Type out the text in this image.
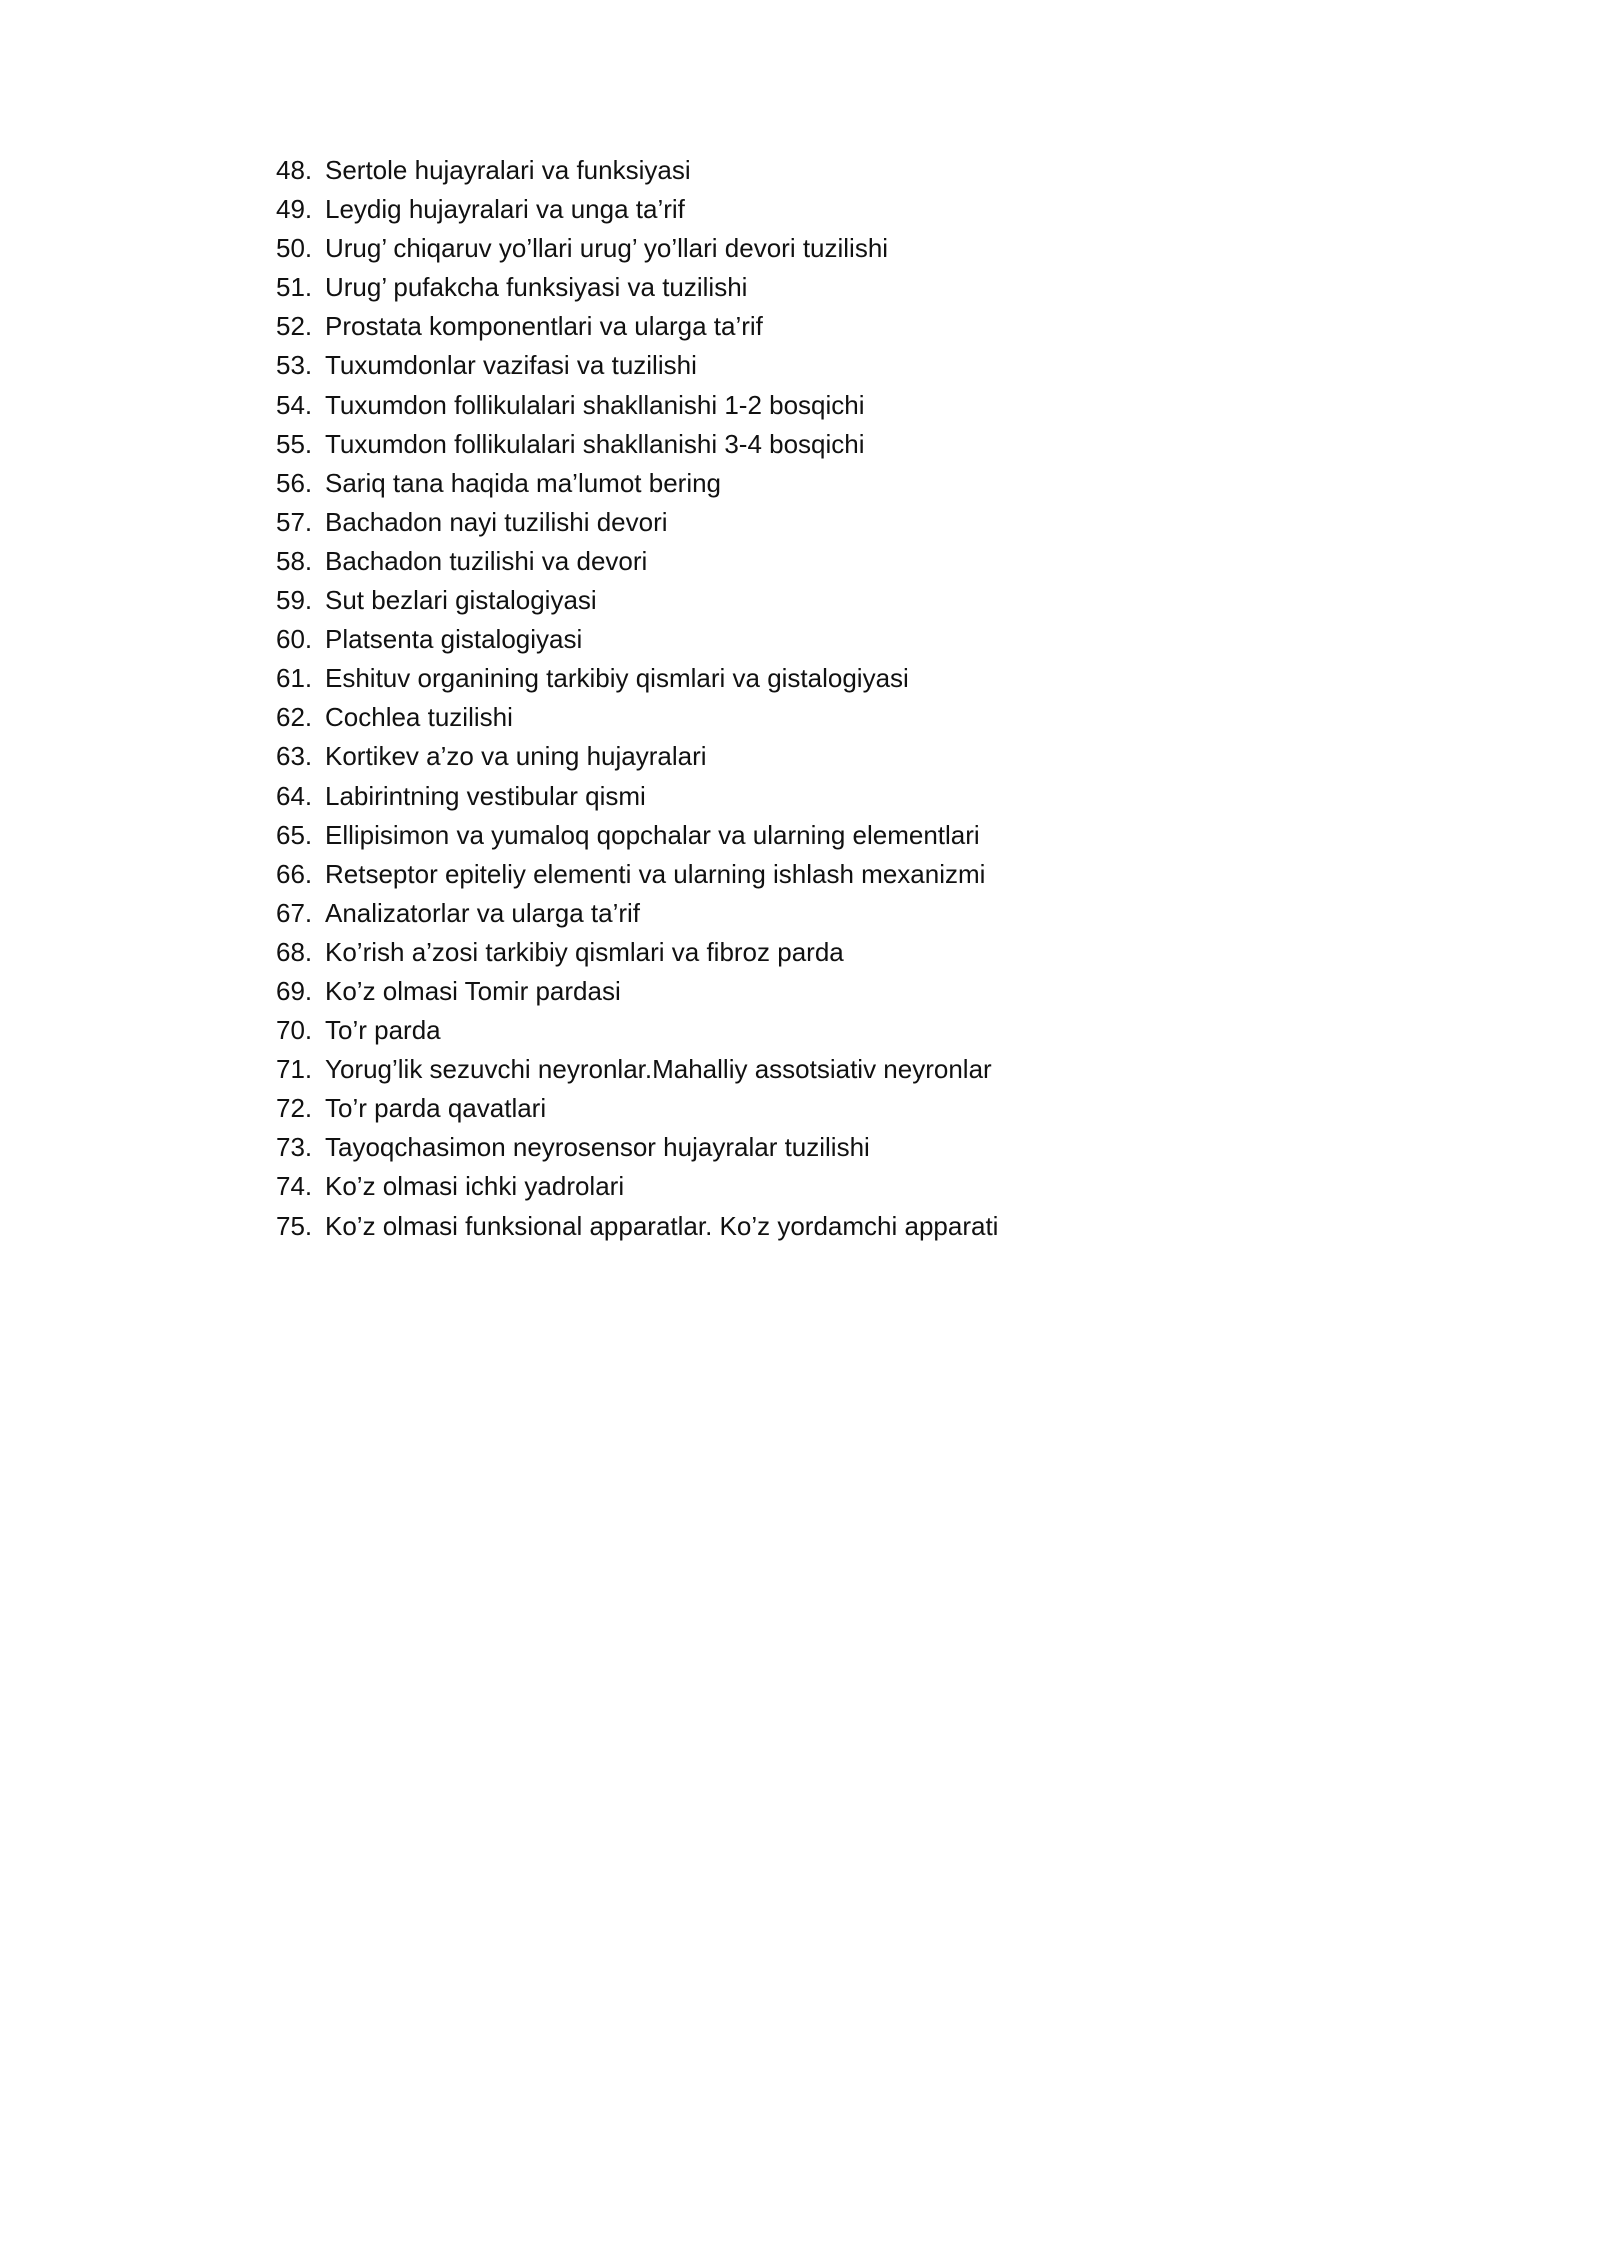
48. Sertole hujayralari va funksiyasi
49. Leydig hujayralari va unga ta’rif
50. Urug’ chiqaruv yo’llari urug’ yo’llari devori tuzilishi
51. Urug’ pufakcha funksiyasi va tuzilishi
52. Prostata komponentlari va ularga ta’rif
53. Tuxumdonlar vazifasi va tuzilishi
54. Tuxumdon follikulalari shakllanishi 1-2 bosqichi
55. Tuxumdon follikulalari shakllanishi 3-4 bosqichi
56. Sariq tana haqida ma’lumot bering
57. Bachadon nayi tuzilishi devori
58. Bachadon tuzilishi va devori
59. Sut bezlari gistalogiyasi
60. Platsenta gistalogiyasi
61. Eshituv organining tarkibiy qismlari va gistalogiyasi
62. Cochlea tuzilishi
63. Kortikev a’zo va uning hujayralari
64. Labirintning vestibular qismi
65. Ellipisimon va yumaloq qopchalar va ularning elementlari
66. Retseptor epiteliy elementi va ularning ishlash mexanizmi
67. Analizatorlar va ularga ta’rif
68. Ko’rish a’zosi tarkibiy qismlari va fibroz parda
69. Ko’z olmasi Tomir pardasi
70. To’r parda
71. Yorug’lik sezuvchi neyronlar.Mahalliy assotsiativ neyronlar
72. To’r parda qavatlari
73. Tayoqchasimon neyrosensor hujayralar tuzilishi
74. Ko’z olmasi ichki yadrolari
75. Ko’z olmasi funksional apparatlar. Ko’z yordamchi apparati
